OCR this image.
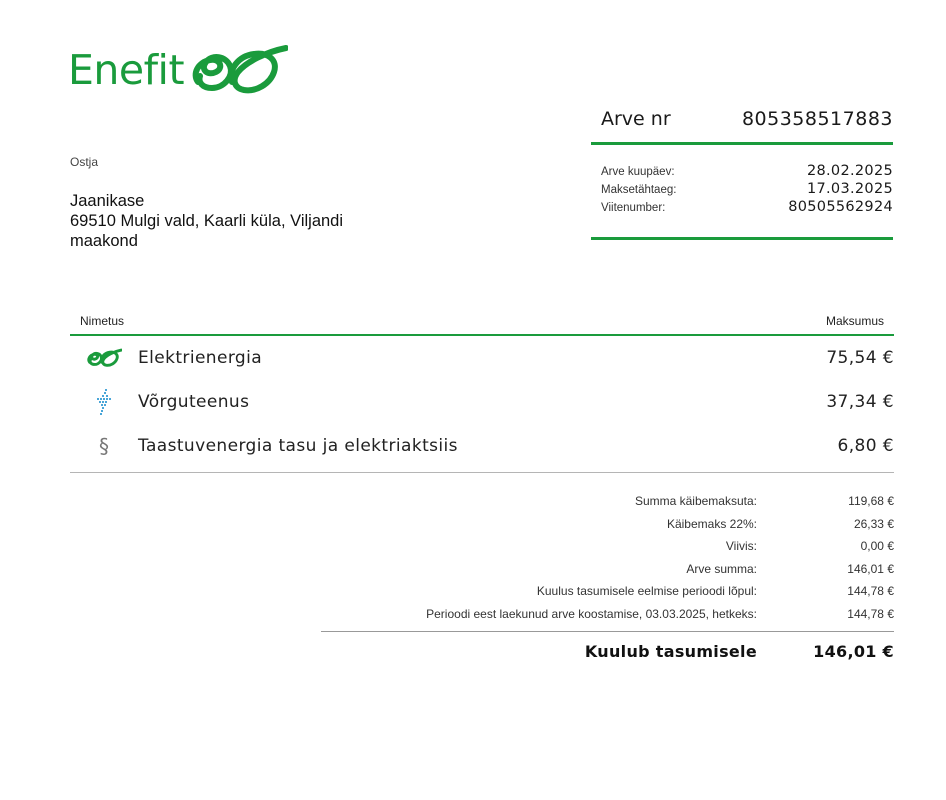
Enefit
Arve nr	805358517883
Arve kuupäev:	28.02.2025
Maksetähtaeg:	17.03.2025
Viitenumber:	80505562924
Ostja
Jaanikase
69510 Mulgi vald, Kaarli küla, Viljandi
maakond
Nimetus	Maksumus
Elektrienergia	75,54 €
Võrguteenus	37,34 €
§	Taastuvenergia tasu ja elektriaktsiis	6,80 €
Summa käibemaksuta:	119,68 €
Käibemaks 22%:	26,33 €
Viivis:	0,00 €
Arve summa:	146,01 €
Kuulus tasumisele eelmise perioodi lõpul:	144,78 €
Perioodi eest laekunud arve koostamise, 03.03.2025, hetkeks:	144,78 €
Kuulub tasumisele	146,01 €
